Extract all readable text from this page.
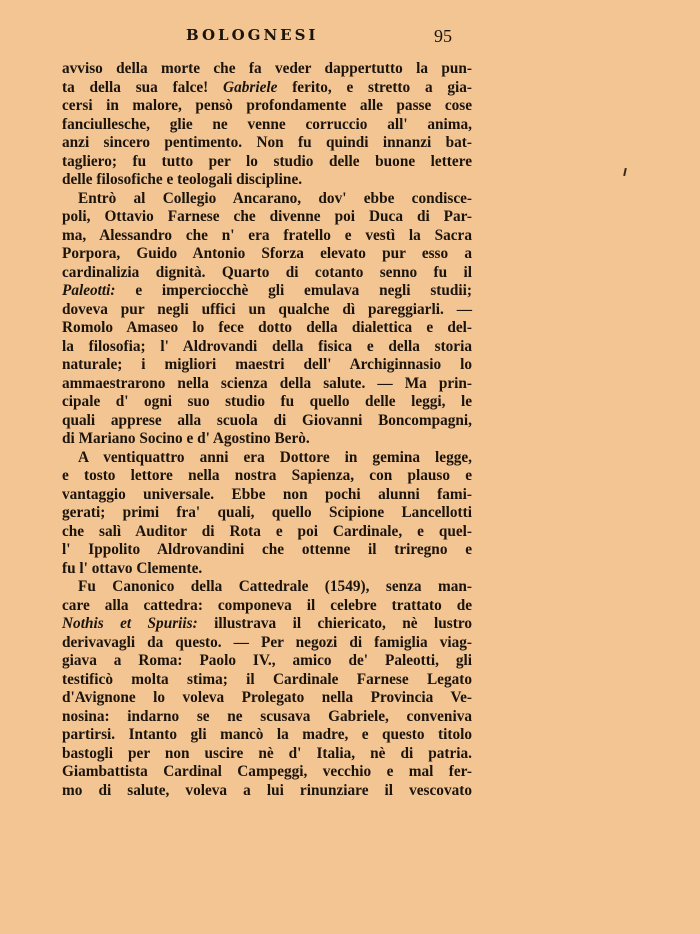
BOLOGNESI	95
avviso della morte che fa veder dappertutto la pun-
ta della sua falce! Gabriele ferito, e stretto a gia-
cersi in malore, pensò profondamente alle passe cose
fanciullesche, glie ne venne corruccio all' anima,
anzi sincero pentimento. Non fu quindi innanzi bat-
tagliero; fu tutto per lo studio delle buone lettere
delle filosofiche e teologali discipline.
Entrò al Collegio Ancarano, dov' ebbe condisce-
poli, Ottavio Farnese che divenne poi Duca di Par-
ma, Alessandro che n' era fratello e vestì la Sacra
Porpora, Guido Antonio Sforza elevato pur esso a
cardinalizia dignità. Quarto di cotanto senno fu il
Paleotti: e imperciocchè gli emulava negli studii;
doveva pur negli uffici un qualche dì pareggiarli. —
Romolo Amaseo lo fece dotto della dialettica e del-
la filosofia; l' Aldrovandi della fisica e della storia
naturale; i migliori maestri dell' Archiginnasio lo
ammaestrarono nella scienza della salute. — Ma prin-
cipale d' ogni suo studio fu quello delle leggi, le
quali apprese alla scuola di Giovanni Boncompagni,
di Mariano Socino e d' Agostino Berò.
A ventiquattro anni era Dottore in gemina legge,
e tosto lettore nella nostra Sapienza, con plauso e
vantaggio universale. Ebbe non pochi alunni fami-
gerati; primi fra' quali, quello Scipione Lancellotti
che salì Auditor di Rota e poi Cardinale, e quel-
l' Ippolito Aldrovandini che ottenne il triregno e
fu l' ottavo Clemente.
Fu Canonico della Cattedrale (1549), senza man-
care alla cattedra: componeva il celebre trattato de
Nothis et Spuriis: illustrava il chiericato, nè lustro
derivavagli da questo. — Per negozi di famiglia viag-
giava a Roma: Paolo IV., amico de' Paleotti, gli
testificò molta stima; il Cardinale Farnese Legato
d'Avignone lo voleva Prolegato nella Provincia Ve-
nosina: indarno se ne scusava Gabriele, conveniva
partirsi. Intanto gli mancò la madre, e questo titolo
bastogli per non uscire nè d' Italia, nè di patria.
Giambattista Cardinal Campeggi, vecchio e mal fer-
mo di salute, voleva a lui rinunziare il vescovato
